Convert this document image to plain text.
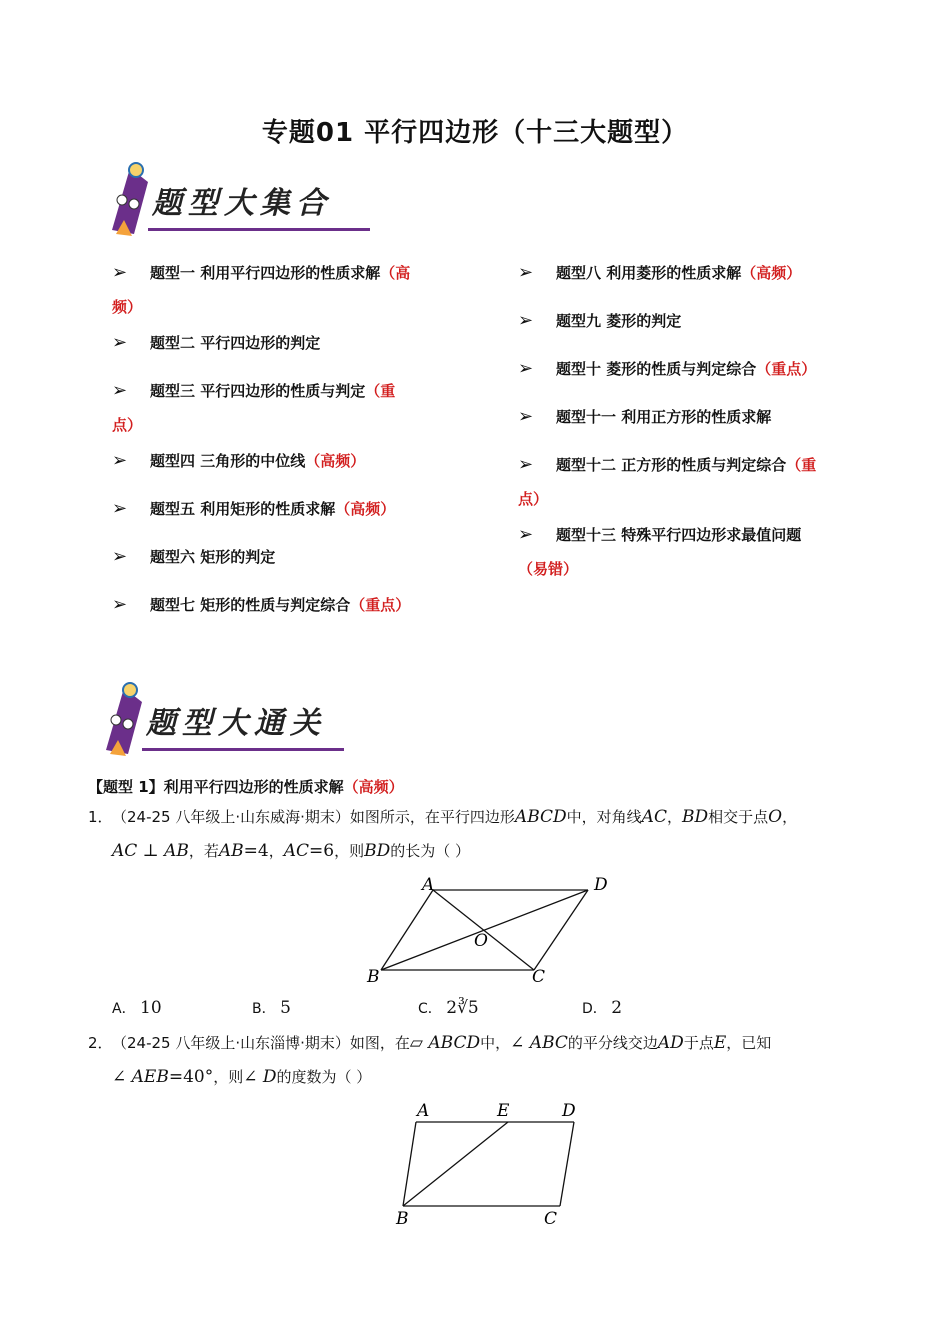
专题01 平行四边形（十三大题型）
题型大集合
➢ 题型一 利用平行四边形的性质求解（高
频）
➢ 题型二 平行四边形的判定
➢ 题型三 平行四边形的性质与判定（重
点）
➢ 题型四 三角形的中位线（高频）
➢ 题型五 利用矩形的性质求解（高频）
➢ 题型六 矩形的判定
➢ 题型七 矩形的性质与判定综合（重点）
➢ 题型八 利用菱形的性质求解（高频）
➢ 题型九 菱形的判定
➢ 题型十 菱形的性质与判定综合（重点）
➢ 题型十一 利用正方形的性质求解
➢ 题型十二 正方形的性质与判定综合（重
点）
➢ 题型十三 特殊平行四边形求最值问题
（易错）
题型大通关
【题型 1】利用平行四边形的性质求解（高频）
1．（24-25 八年级上·山东威海·期末）如图所示，在平行四边形ABCD中，对角线AC，BD相交于点O，
AC ⊥ AB，若AB=4，AC=6，则BD的长为（ ）
A	D
O
B	C
A． 10	B． 5	C． 2∛5	D． 2
2．（24-25 八年级上·山东淄博·期末）如图，在▱ ABCD中，∠ ABC的平分线交边AD于点E，已知
∠ AEB=40°，则∠ D的度数为（ ）
A	E	D
B	C
